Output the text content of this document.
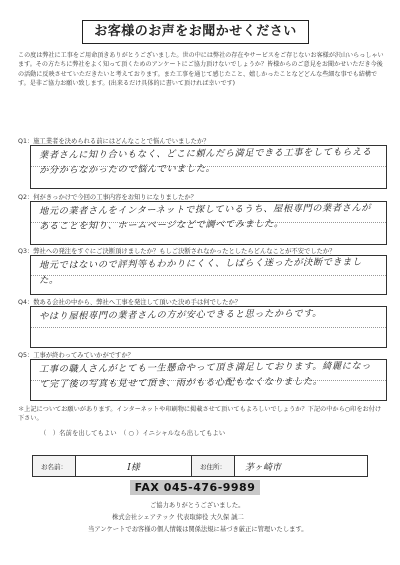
お客様のお声をお聞かせください
この度は弊社に工事をご用命頂きありがとうございました。世の中には弊社の存在やサービスをご存じないお客様が沢山いらっしゃいます。その方たちに弊社をよく知って頂くためのアンケートにご協力頂けないでしょうか？皆様からのご意見をお聞かせいただき今後の活動に反映させていただきたいと考えております。また工事を通じて感じたこと、嬉しかったことなどどんな些細な事でも結構です。是非ご協力お願い致します。(出来るだけ具体的に書いて頂ければ幸いです)
Q1：施工業者を決められる前にはどんなことで悩んでいましたか？
業者さんに知り合いもなく、どこに頼んだら満足できる工事をしてもらえるか分からなかったので悩んでいました。
Q2：何がきっかけで今回の工事内容をお知りになりましたか？
地元の業者さんをインターネットで探しているうち、屋根専門の業者さんがあることを知り、ホームページなどで調べてみました。
Q3：弊社への発注をすぐにご決断頂けましたか？もしご決断されなかったとしたらどんなことが不安でしたか？
地元ではないので評判等もわかりにくく、しばらく迷ったが決断できました。
Q4：数ある会社の中から、弊社へ工事を発注して頂いた決め手は何でしたか？
やはり屋根専門の業者さんの方が安心できると思ったからです。
Q5：工事が終わってみていかがですか？
工事の職人さんがとても一生懸命やって頂き満足しております。綺麗になって完了後の写真も見せて頂き、雨がもる心配もなくなりました。
＊上記についてお願いがあります。インターネットや印刷物に掲載させて頂いてもよろしいでしょうか？下記の中から○印をお付け下さい。
（　）名前を出してもよい （ ○ ）イニシャルなら出してもよい
お名前：	I様	お住所：	茅ヶ崎市
FAX 045-476-9989
ご協力ありがとうございました。
株式会社シェアテック 代表取締役 大久保 誠二
当アンケートでお客様の個人情報は関係法規に基づき厳正に管理いたします。
